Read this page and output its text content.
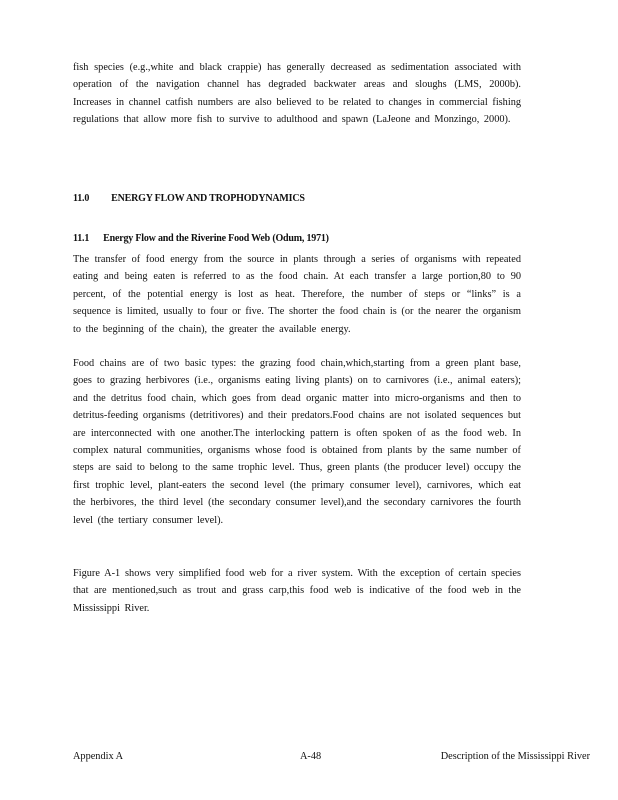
fish species (e.g.,white and black crappie) has generally decreased as sedimentation associated with operation of the navigation channel has degraded backwater areas and sloughs (LMS, 2000b). Increases in channel catfish numbers are also believed to be related to changes in commercial fishing regulations that allow more fish to survive to adulthood and spawn (LaJeone and Monzingo, 2000).

11.0 ENERGY FLOW AND TROPHODYNAMICS
11.1 Energy Flow and the Riverine Food Web (Odum, 1971)

The transfer of food energy from the source in plants through a series of organisms with repeated eating and being eaten is referred to as the food chain. At each transfer a large portion,80 to 90 percent, of the potential energy is lost as heat. Therefore, the number of steps or “links” is a sequence is limited, usually to four or five. The shorter the food chain is (or the nearer the organism to the beginning of the chain), the greater the available energy.

Food chains are of two basic types: the grazing food chain,which,starting from a green plant base, goes to grazing herbivores (i.e., organisms eating living plants) on to carnivores (i.e., animal eaters); and the detritus food chain, which goes from dead organic matter into micro-organisms and then to detritus-feeding organisms (detritivores) and their predators.Food chains are not isolated sequences but are interconnected with one another.The interlocking pattern is often spoken of as the food web. In complex natural communities, organisms whose food is obtained from plants by the same number of steps are said to belong to the same trophic level. Thus, green plants (the producer level) occupy the first trophic level, plant-eaters the second level (the primary consumer level), carnivores, which eat the herbivores, the third level (the secondary consumer level),and the secondary carnivores the fourth level (the tertiary consumer level).

Figure A-1 shows very simplified food web for a river system. With the exception of certain species that are mentioned,such as trout and grass carp,this food web is indicative of the food web in the Mississippi River.

Appendix A	A-48	Description of the Mississippi River
